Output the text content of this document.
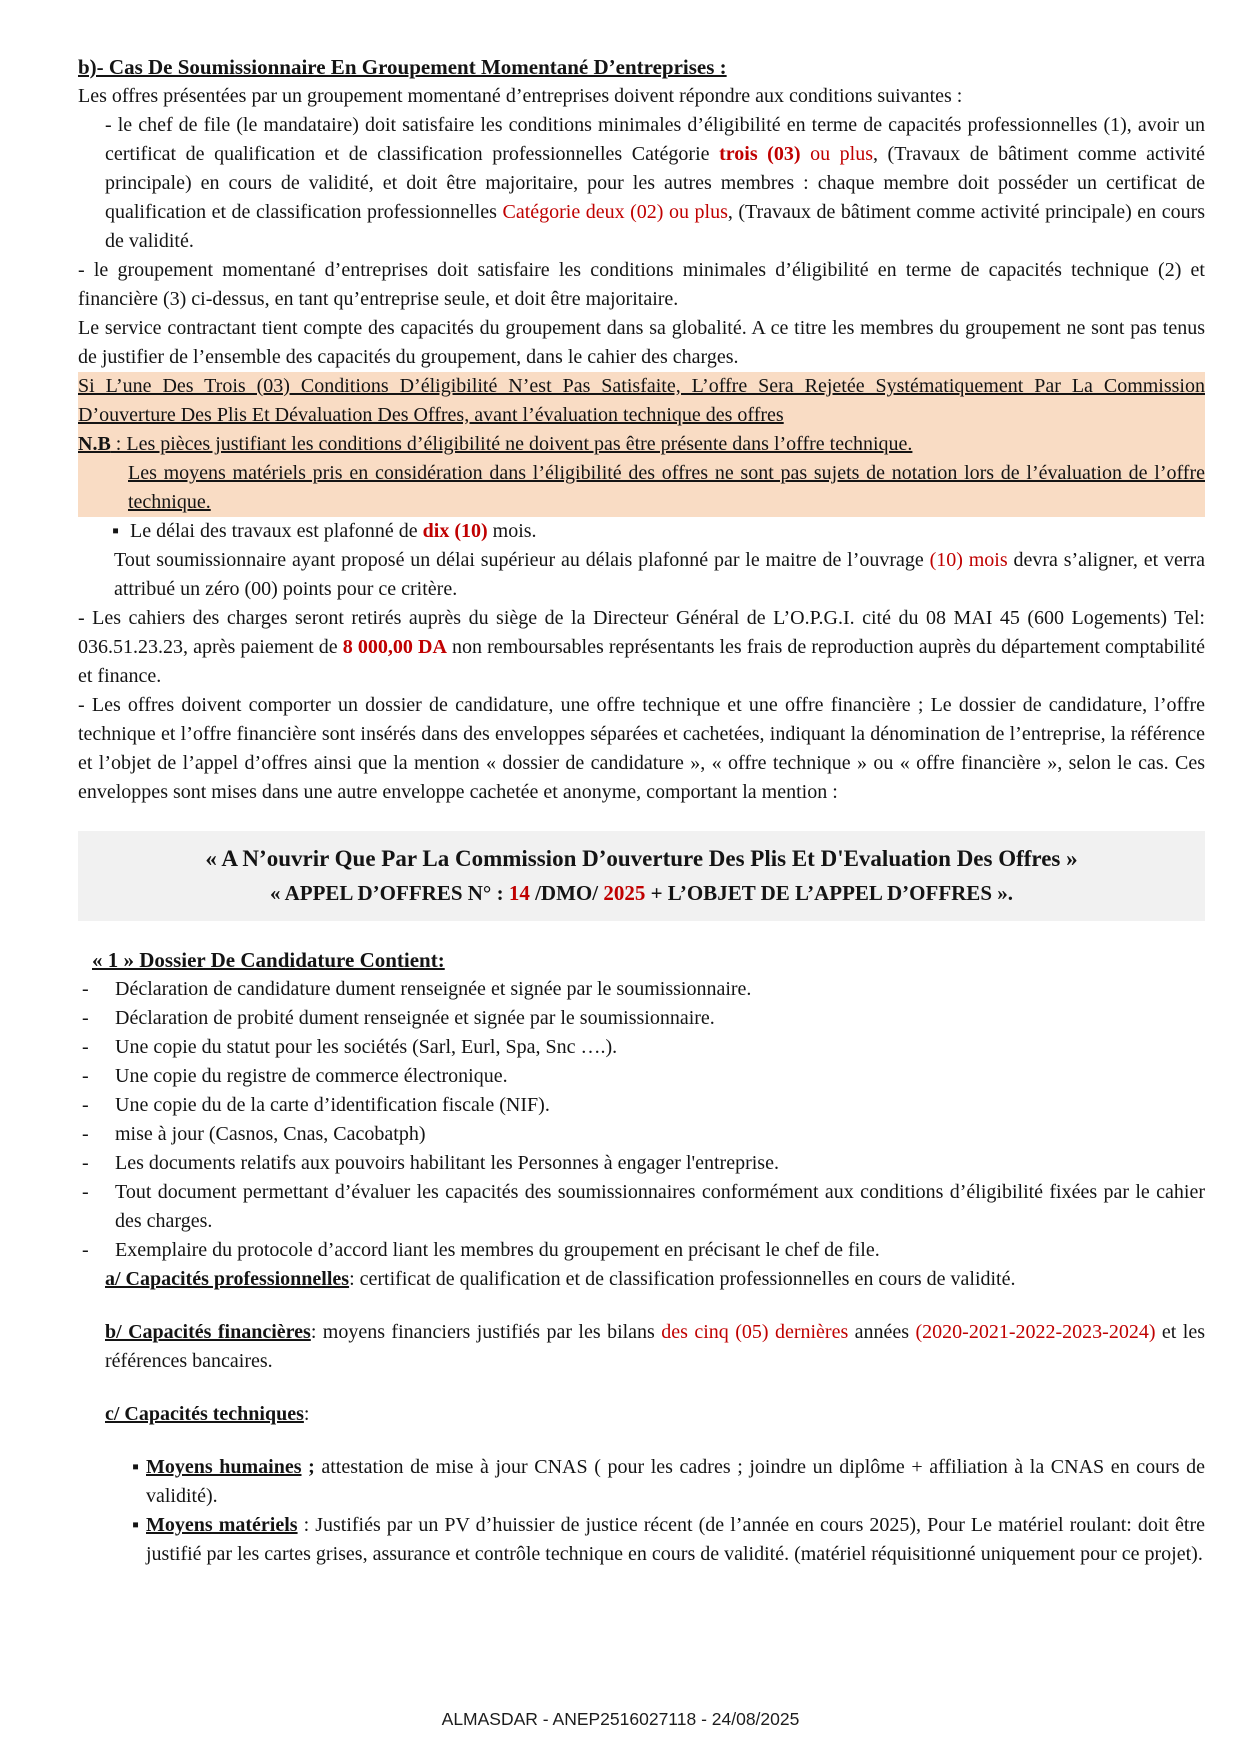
b)- Cas De Soumissionnaire En Groupement Momentané D’entreprises :
Les offres présentées par un groupement momentané d’entreprises doivent répondre aux conditions suivantes :
- le chef de file (le mandataire) doit satisfaire les conditions minimales d’éligibilité en terme de capacités professionnelles (1), avoir un certificat de qualification et de classification professionnelles Catégorie trois (03) ou plus, (Travaux de bâtiment comme activité principale) en cours de validité, et doit être majoritaire, pour les autres membres : chaque membre doit posséder un certificat de qualification et de classification professionnelles Catégorie deux (02) ou plus, (Travaux de bâtiment comme activité principale) en cours de validité.
- le groupement momentané d’entreprises doit satisfaire les conditions minimales d’éligibilité en terme de capacités technique (2) et financière (3) ci-dessus, en tant qu’entreprise seule, et doit être majoritaire.
Le service contractant tient compte des capacités du groupement dans sa globalité. A ce titre les membres du groupement ne sont pas tenus de justifier de l’ensemble des capacités du groupement, dans le cahier des charges.
Si L’une Des Trois (03) Conditions D’éligibilité N’est Pas Satisfaite, L’offre Sera Rejetée Systématiquement Par La Commission D’ouverture Des Plis Et Dévaluation Des Offres, avant l’évaluation technique des offres
N.B : Les pièces justifiant les conditions d’éligibilité ne doivent pas être présente dans l’offre technique.
Les moyens matériels pris en considération dans l’éligibilité des offres ne sont pas sujets de notation lors de l’évaluation de l’offre technique.
▪ Le délai des travaux est plafonné de dix (10) mois.
Tout soumissionnaire ayant proposé un délai supérieur au délais plafonné par le maitre de l’ouvrage (10) mois devra s’aligner, et verra attribué un zéro (00) points pour ce critère.
- Les cahiers des charges seront retirés auprès du siège de la Directeur Général de L’O.P.G.I. cité du 08 MAI 45 (600 Logements) Tel: 036.51.23.23, après paiement de 8 000,00 DA non remboursables représentants les frais de reproduction auprès du département comptabilité et finance.
- Les offres doivent comporter un dossier de candidature, une offre technique et une offre financière ; Le dossier de candidature, l’offre technique et l’offre financière sont insérés dans des enveloppes séparées et cachetées, indiquant la dénomination de l’entreprise, la référence et l’objet de l’appel d’offres ainsi que la mention « dossier de candidature », « offre technique » ou « offre financière », selon le cas. Ces enveloppes sont mises dans une autre enveloppe cachetée et anonyme, comportant la mention :
« A N’ouvrir Que Par La Commission D’ouverture Des Plis Et D'Evaluation Des Offres »
« APPEL D’OFFRES N° : 14 /DMO/ 2025 + L’OBJET DE L’APPEL D’OFFRES ».
« 1 » Dossier De Candidature Contient:
- Déclaration de candidature dument renseignée et signée par le soumissionnaire.
- Déclaration de probité dument renseignée et signée par le soumissionnaire.
- Une copie du statut pour les sociétés (Sarl, Eurl, Spa, Snc ….).
- Une copie du registre de commerce électronique.
- Une copie du de la carte d’identification fiscale (NIF).
- mise à jour (Casnos, Cnas, Cacobatph)
- Les documents relatifs aux pouvoirs habilitant les Personnes à engager l'entreprise.
- Tout document permettant d’évaluer les capacités des soumissionnaires conformément aux conditions d’éligibilité fixées par le cahier des charges.
- Exemplaire du protocole d’accord liant les membres du groupement en précisant le chef de file.
a/ Capacités professionnelles: certificat de qualification et de classification professionnelles en cours de validité.
b/ Capacités financières: moyens financiers justifiés par les bilans des cinq (05) dernières années (2020-2021-2022-2023-2024) et les références bancaires.
c/ Capacités techniques:
▪ Moyens humaines ; attestation de mise à jour CNAS ( pour les cadres ; joindre un diplôme + affiliation à la CNAS en cours de validité).
▪ Moyens matériels : Justifiés par un PV d’huissier de justice récent (de l’année en cours 2025), Pour Le matériel roulant: doit être justifié par les cartes grises, assurance et contrôle technique en cours de validité. (matériel réquisitionné uniquement pour ce projet).
ALMASDAR - ANEP2516027118 - 24/08/2025
